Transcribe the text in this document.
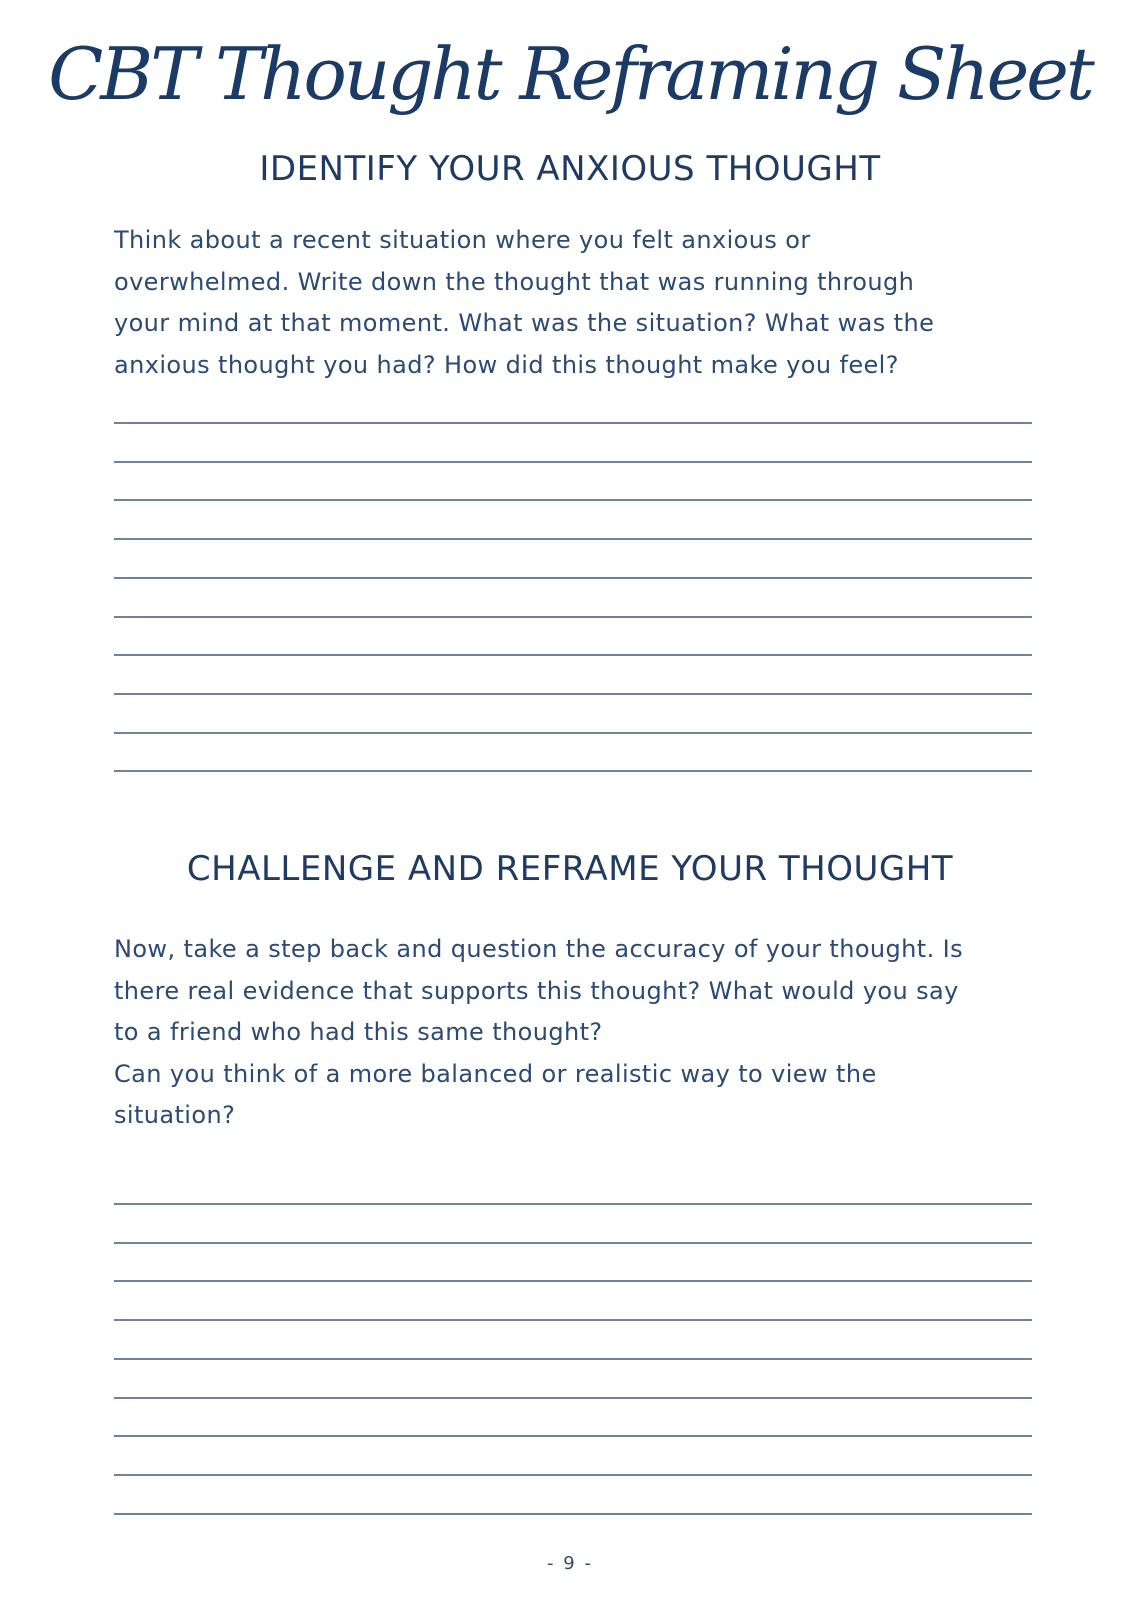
CBT Thought Reframing Sheet
IDENTIFY YOUR ANXIOUS THOUGHT
Think about a recent situation where you felt anxious or
overwhelmed. Write down the thought that was running through
your mind at that moment. What was the situation? What was the
anxious thought you had? How did this thought make you feel?
CHALLENGE AND REFRAME YOUR THOUGHT
Now, take a step back and question the accuracy of your thought. Is
there real evidence that supports this thought? What would you say
to a friend who had this same thought?
Can you think of a more balanced or realistic way to view the
situation?
- 9 -
